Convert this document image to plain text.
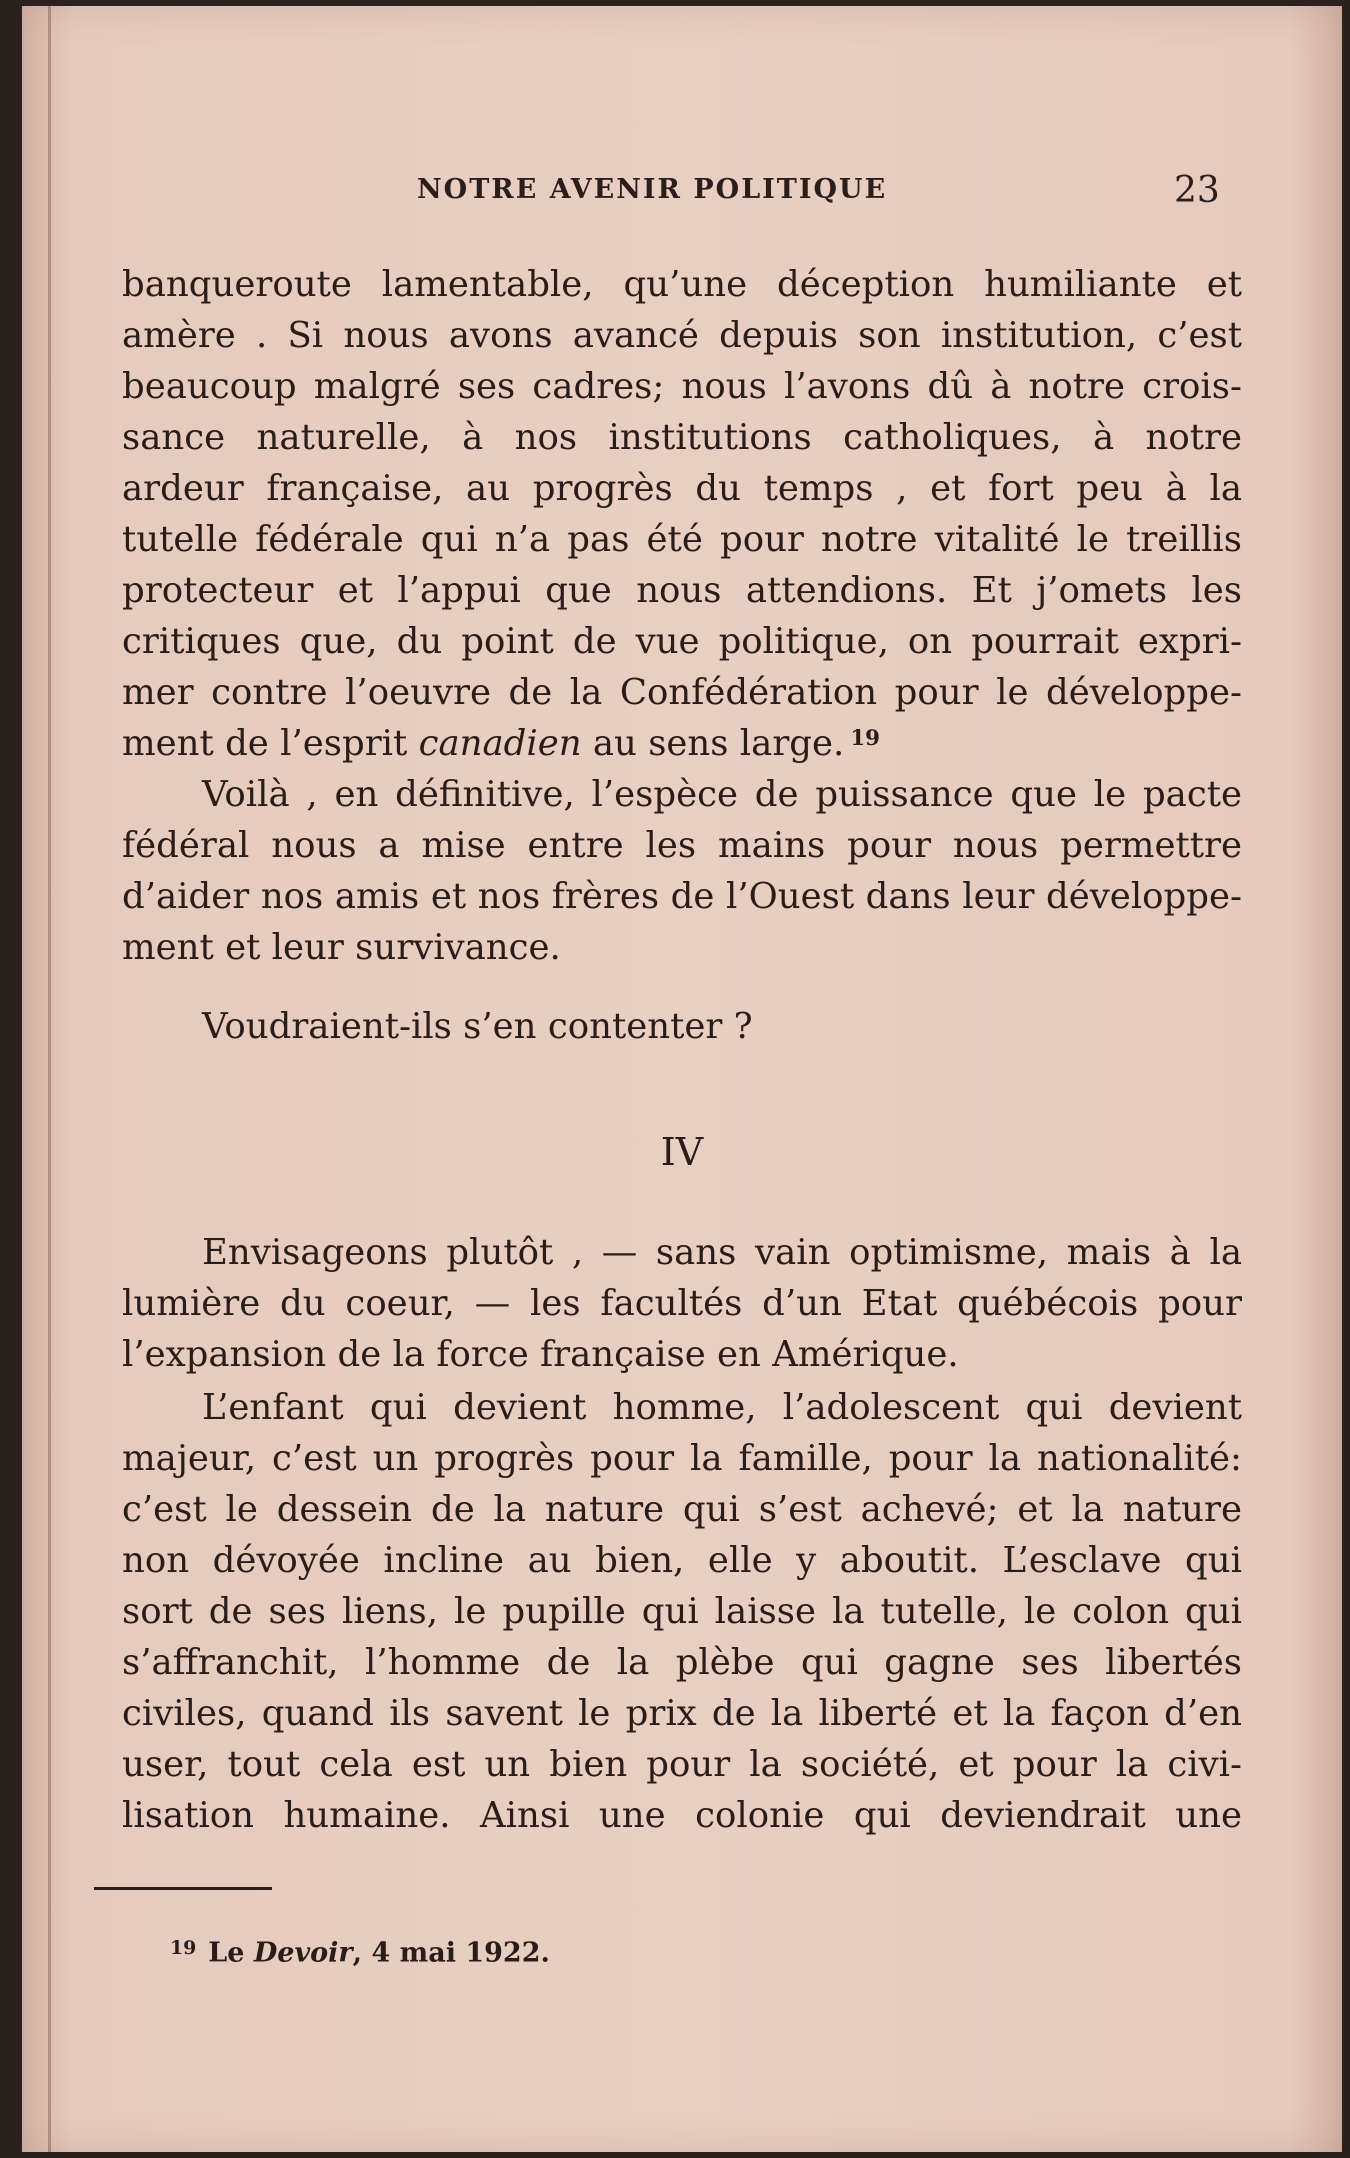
NOTRE AVENIR POLITIQUE	23
banqueroute lamentable, qu’une déception humiliante et
amère . Si nous avons avancé depuis son institution, c’est
beaucoup malgré ses cadres; nous l’avons dû à notre crois-
sance naturelle, à nos institutions catholiques, à notre
ardeur française, au progrès du temps , et fort peu à la
tutelle fédérale qui n’a pas été pour notre vitalité le treillis
protecteur et l’appui que nous attendions. Et j’omets les
critiques que, du point de vue politique, on pourrait expri-
mer contre l’oeuvre de la Confédération pour le développe-
ment de l’esprit canadien au sens large. $^{19}$
Voilà , en définitive, l’espèce de puissance que le pacte
fédéral nous a mise entre les mains pour nous permettre
d’aider nos amis et nos frères de l’Ouest dans leur développe-
ment et leur survivance.
Voudraient-ils s’en contenter ?
IV
Envisageons plutôt , — sans vain optimisme, mais à la
lumière du coeur, — les facultés d’un Etat québécois pour
l’expansion de la force française en Amérique.
L’enfant qui devient homme, l’adolescent qui devient
majeur, c’est un progrès pour la famille, pour la nationalité:
c’est le dessein de la nature qui s’est achevé; et la nature
non dévoyée incline au bien, elle y aboutit. L’esclave qui
sort de ses liens, le pupille qui laisse la tutelle, le colon qui
s’affranchit, l’homme de la plèbe qui gagne ses libertés
civiles, quand ils savent le prix de la liberté et la façon d’en
user, tout cela est un bien pour la société, et pour la civi-
lisation humaine. Ainsi une colonie qui deviendrait une
$^{19}$ Le Devoir, 4 mai 1922.
